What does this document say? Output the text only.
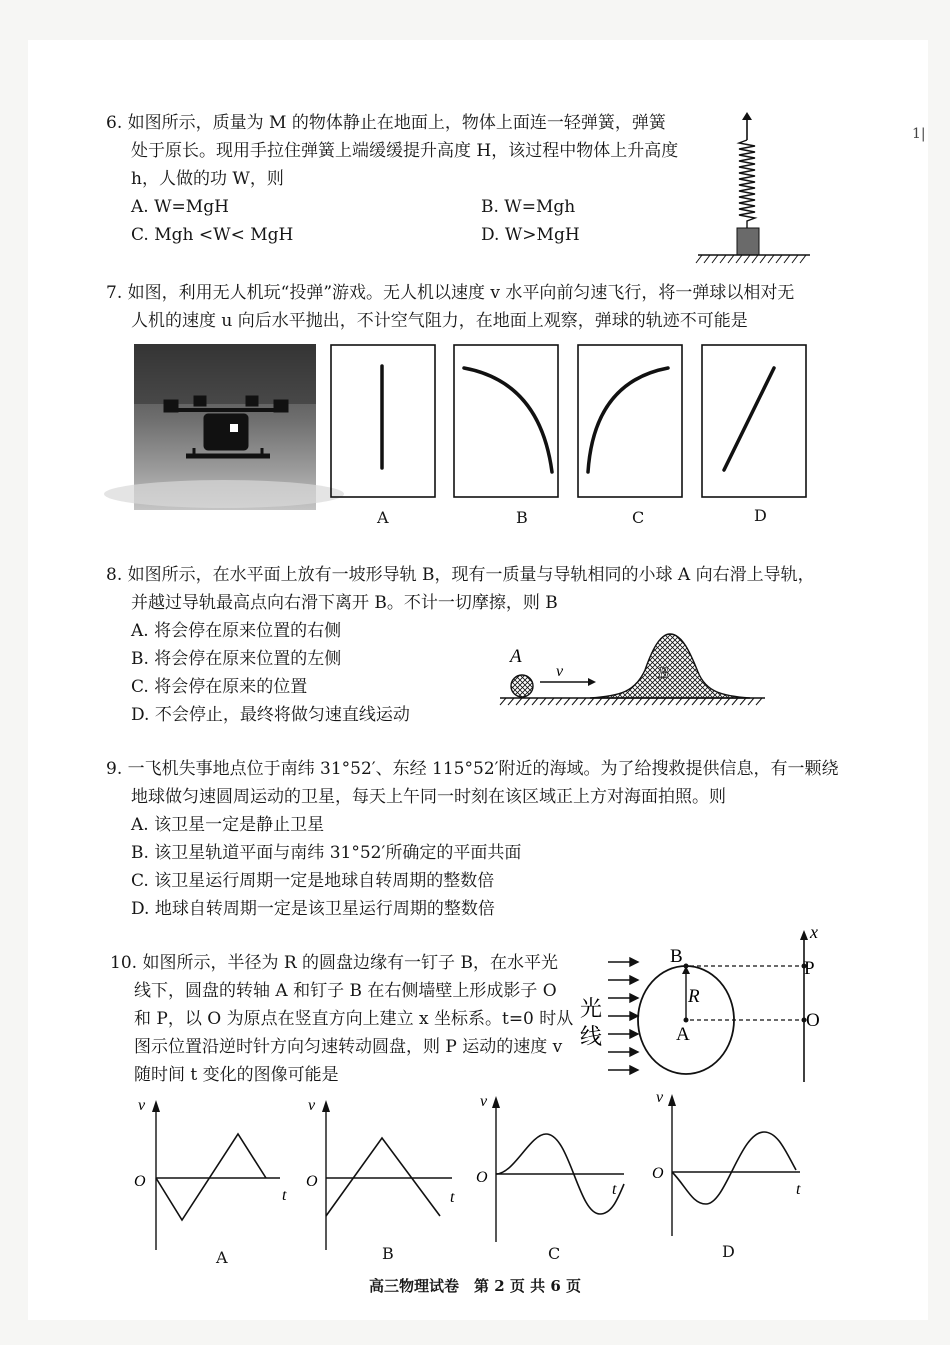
1|
6. 如图所示，质量为 M 的物体静止在地面上，物体上面连一轻弹簧，弹簧
处于原长。现用手拉住弹簧上端缓缓提升高度 H，该过程中物体上升高度
h，人做的功 W，则
A. W=MgH	B. W=Mgh
C. Mgh <W< MgH	D. W>MgH
7. 如图，利用无人机玩“投弹”游戏。无人机以速度 v 水平向前匀速飞行，将一弹球以相对无
人机的速度 u 向后水平抛出，不计空气阻力，在地面上观察，弹球的轨迹不可能是
A	B	C	D
8. 如图所示，在水平面上放有一坡形导轨 B，现有一质量与导轨相同的小球 A 向右滑上导轨，
并越过导轨最高点向右滑下离开 B。不计一切摩擦，则 B
A. 将会停在原来位置的右侧
B. 将会停在原来位置的左侧
C. 将会停在原来的位置
D. 不会停止，最终将做匀速直线运动
A
v	B
9. 一飞机失事地点位于南纬 31°52′、东经 115°52′附近的海域。为了给搜救提供信息，有一颗绕
地球做匀速圆周运动的卫星，每天上午同一时刻在该区域正上方对海面拍照。则
A. 该卫星一定是静止卫星
B. 该卫星轨道平面与南纬 31°52′所确定的平面共面
C. 该卫星运行周期一定是地球自转周期的整数倍
D. 地球自转周期一定是该卫星运行周期的整数倍
10. 如图所示，半径为 R 的圆盘边缘有一钉子 B，在水平光
线下，圆盘的转轴 A 和钉子 B 在右侧墙壁上形成影子 O
和 P，以 O 为原点在竖直方向上建立 x 坐标系。t=0 时从
图示位置沿逆时针方向匀速转动圆盘，则 P 运动的速度 v
随时间 t 变化的图像可能是
光
线
B
R
A
P
O
x
v
O
t
A
v
O
t
B
v
O
t
C
v
O
t
D
高三物理试卷　第 2 页 共 6 页
